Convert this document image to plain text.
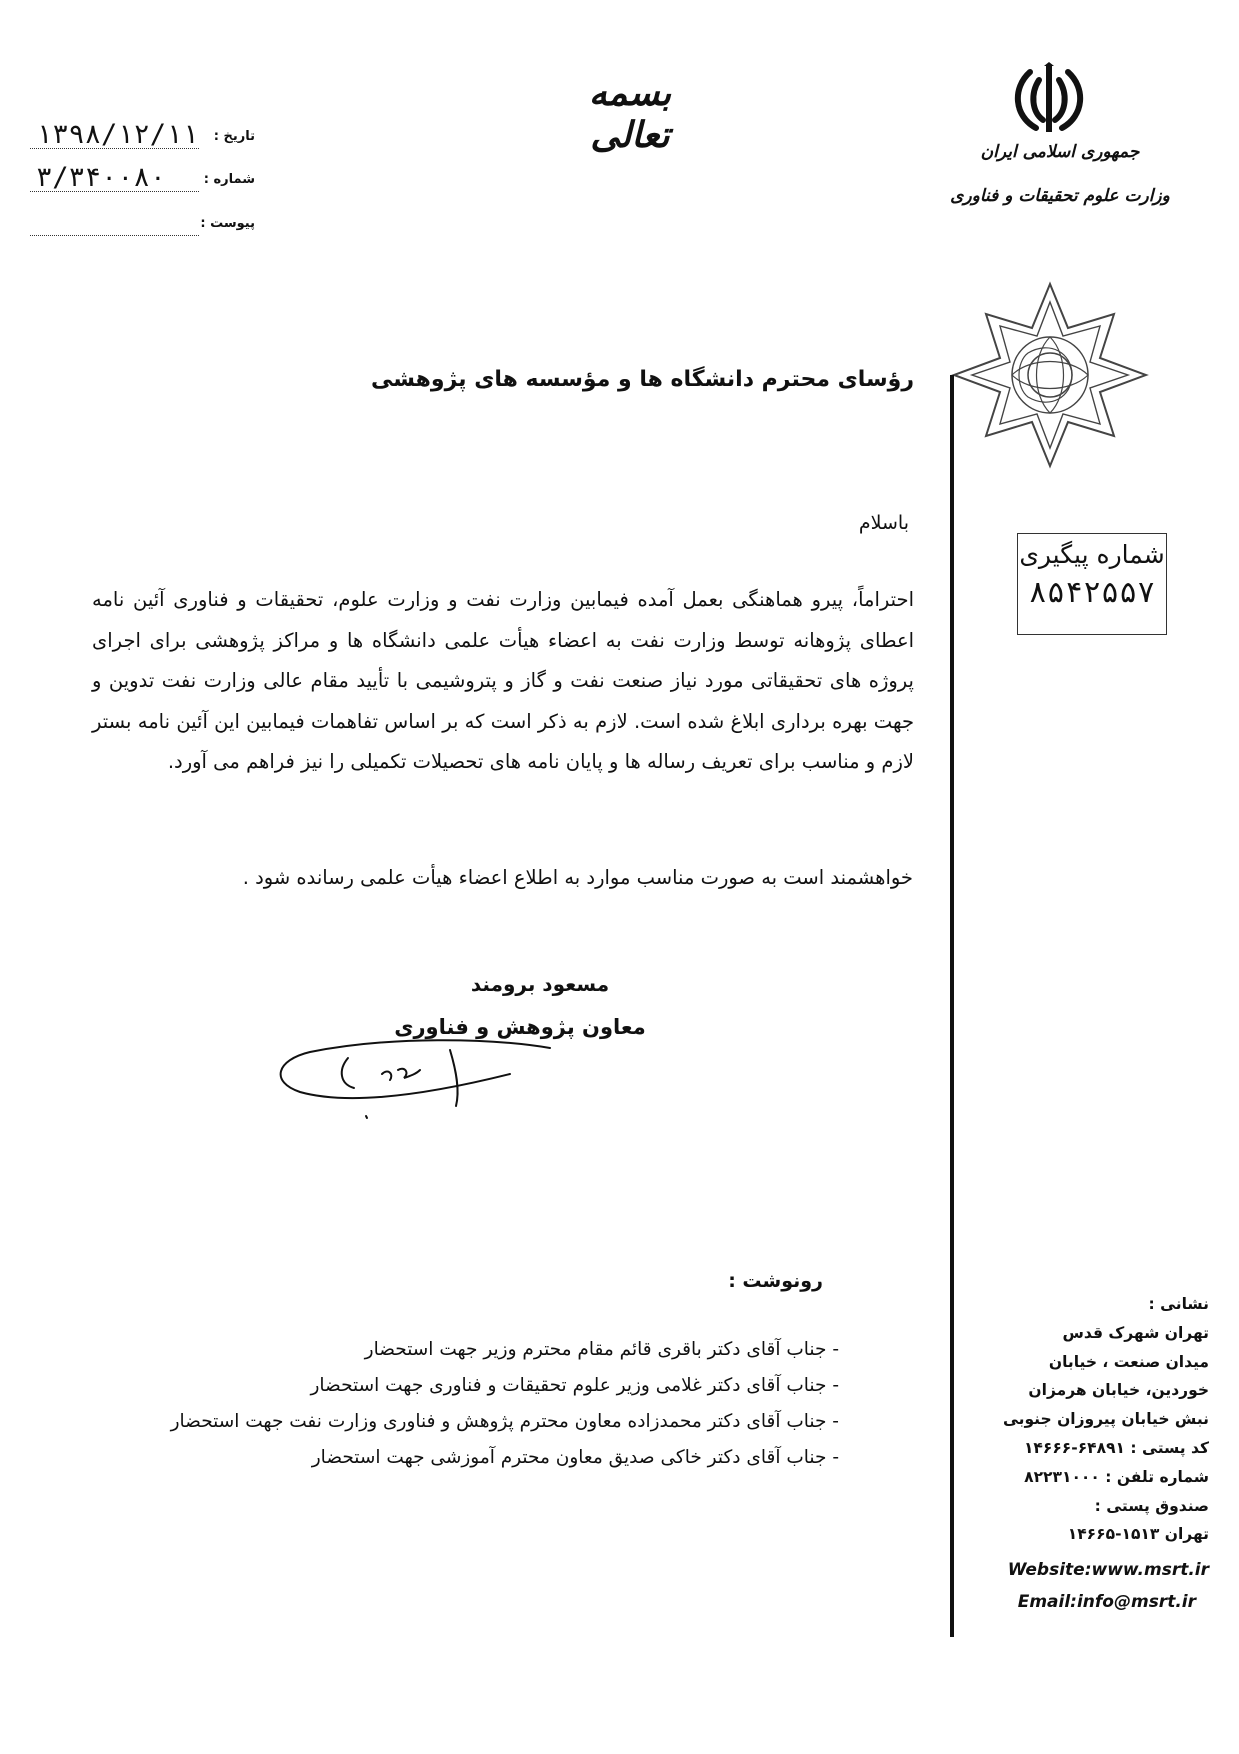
بسمه تعالی	جمهوری اسلامی ایران
وزارت علوم تحقیقات و فناوری
تاریخ :
۱۳۹۸/۱۲/۱۱
شماره :
۳/۳۴۰۰۸۰
پیوست :
شماره پیگیری
۸۵۴۲۵۵۷
رؤسای محترم دانشگاه ها و مؤسسه های پژوهشی
باسلام
احتراماً، پیرو هماهنگی بعمل آمده فیمابین وزارت نفت و وزارت علوم، تحقیقات و فناوری آئین نامه اعطای پژوهانه توسط وزارت نفت به اعضاء هیأت علمی دانشگاه ها و مراکز پژوهشی برای اجرای پروژه های تحقیقاتی مورد نیاز صنعت نفت و گاز و پتروشیمی با تأیید مقام عالی وزارت نفت تدوین و جهت بهره برداری ابلاغ شده است. لازم به ذکر است که بر اساس تفاهمات فیمابین این آئین نامه بستر لازم و مناسب برای تعریف رساله ها و پایان نامه های تحصیلات تکمیلی را نیز فراهم می آورد.
خواهشمند است به صورت مناسب موارد به اطلاع اعضاء هیأت علمی رسانده شود .
مسعود برومند
معاون پژوهش و فناوری
رونوشت :
- جناب آقای دکتر باقری قائم مقام محترم وزیر جهت استحضار
- جناب آقای دکتر غلامی وزیر علوم تحقیقات و فناوری جهت استحضار
- جناب آقای دکتر محمدزاده معاون محترم پژوهش و فناوری وزارت نفت جهت استحضار
- جناب آقای دکتر خاکی صدیق معاون محترم آموزشی جهت استحضار
نشانی :
تهران شهرک قدس
میدان صنعت ، خیابان
خوردین، خیابان هرمزان
نبش خیابان پیروزان جنوبی
کد پستی : ۶۴۸۹۱-۱۴۶۶۶
شماره تلفن : ۸۲۲۳۱۰۰۰
صندوق پستی :
تهران ۱۵۱۳-۱۴۶۶۵
Website:www.msrt.ir
Email:info@msrt.ir
